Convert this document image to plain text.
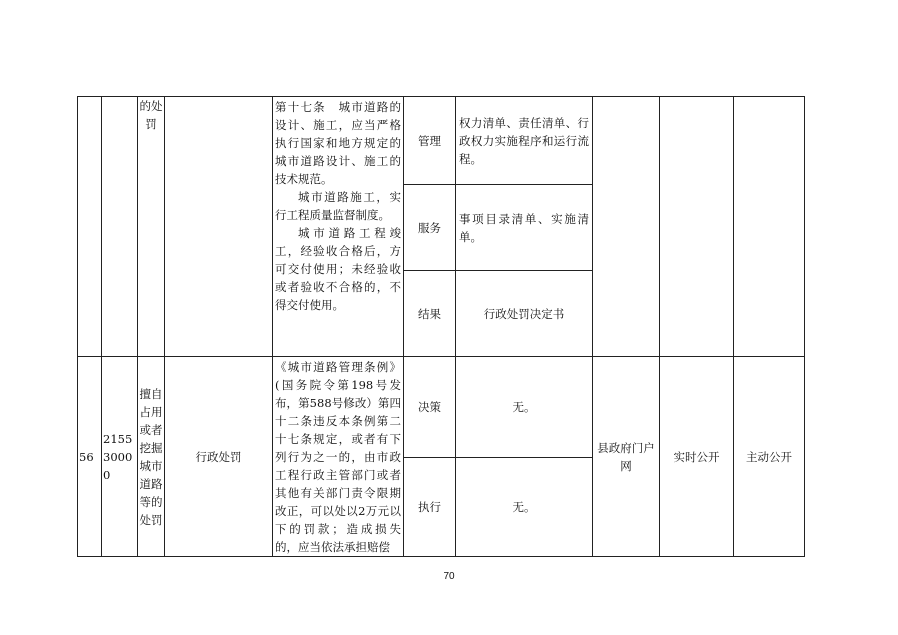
		的处罚		第十七条　城市道路的设计、施工，应当严格执行国家和地方规定的城市道路设计、施工的技术规范。

城市道路施工，实行工程质量监督制度。

城市道路工程竣工，经验收合格后，方可交付使用；未经验收或者验收不合格的，不得交付使用。	管理	权力清单、责任清单、行政权力实施程序和运行流程。			
					服务	事项目录清单、实施清单。			
					结果	行政处罚决定书			
56	215530000	擅自占用或者挖掘城市道路等的处罚	行政处罚	《城市道路管理条例》(国务院令第198号发布，第588号修改）第四十二条违反本条例第二十七条规定，或者有下列行为之一的，由市政工程行政主管部门或者其他有关部门责令限期改正，可以处以2万元以下的罚款；造成损失的，应当依法承担赔偿	决策	无。	县政府门户网	实时公开	主动公开
					执行	无。			
70
